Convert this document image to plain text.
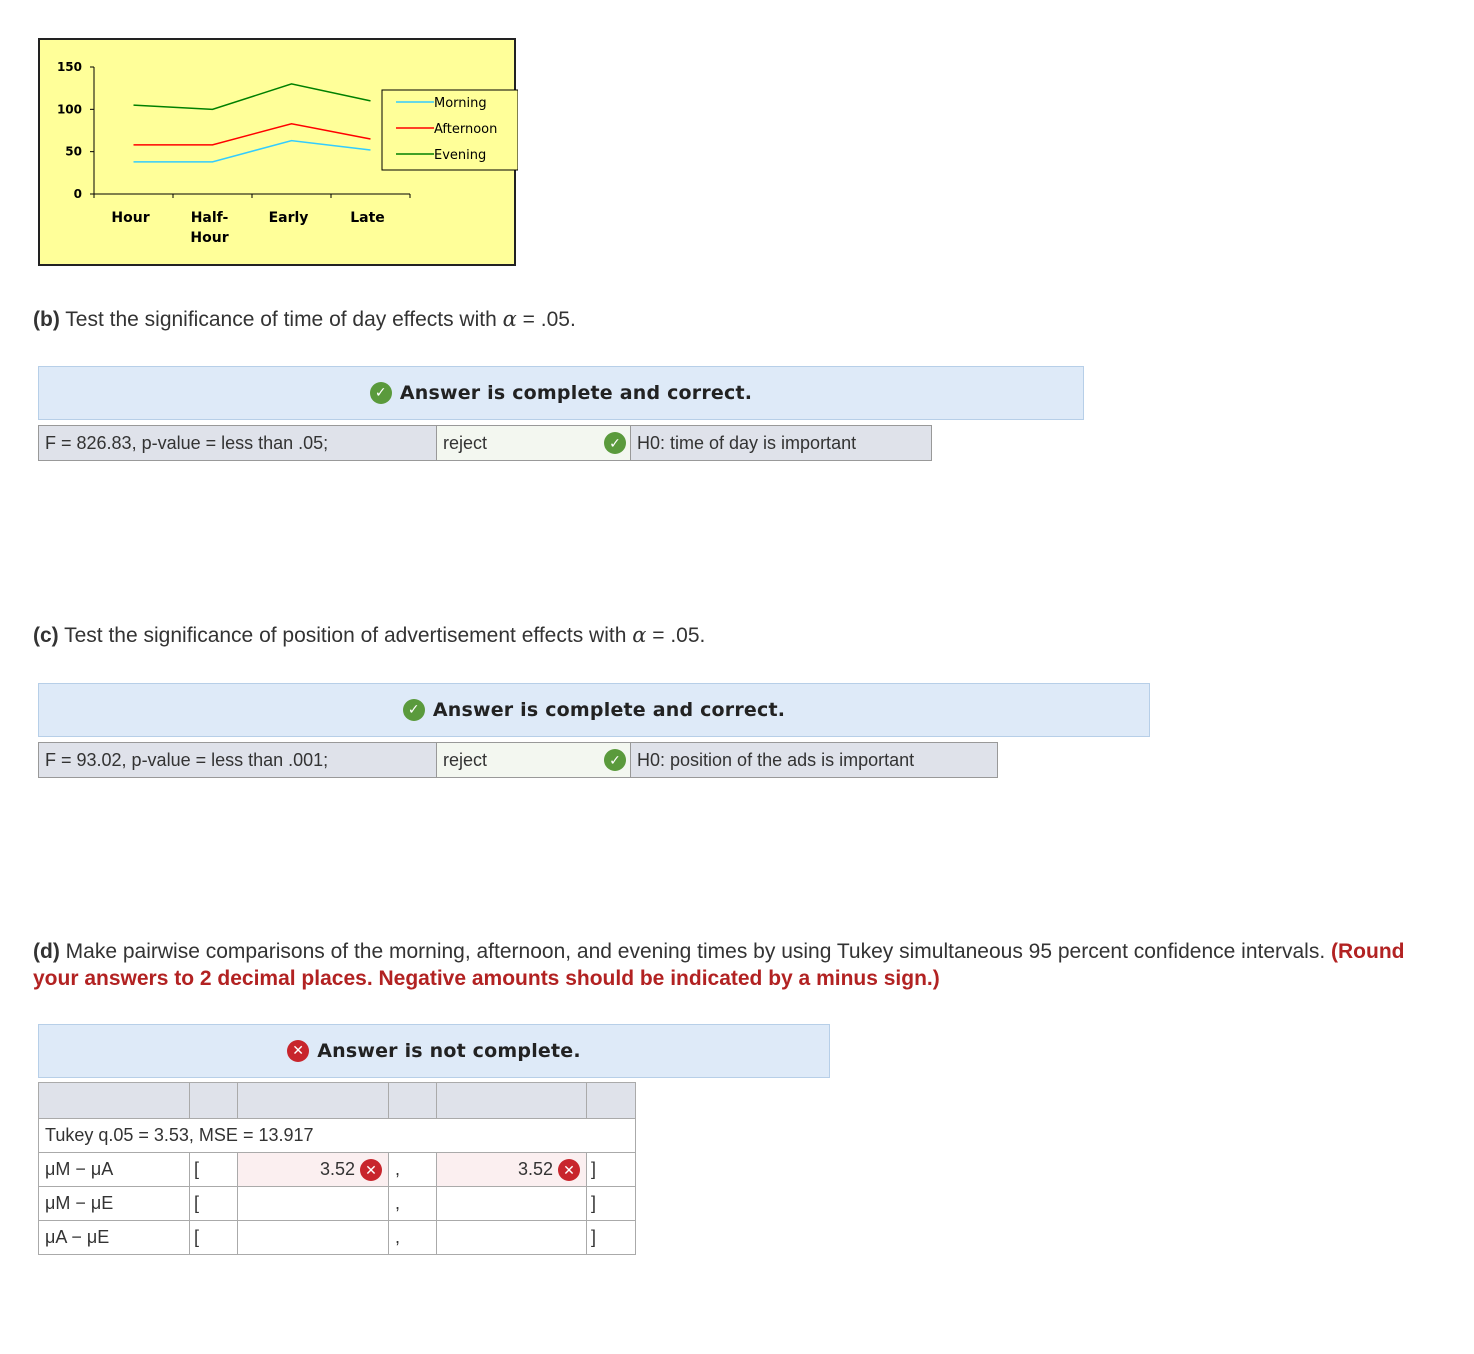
150
100
50
0
Hour	Half-
Hour
Early	Late
Morning
Afternoon
Evening
(b) Test the significance of time of day effects with α = .05.
✓ Answer is complete and correct.
F = 826.83, p-value = less than .05;	reject	✓ H0: time of day is important
(c) Test the significance of position of advertisement effects with α = .05.
✓ Answer is complete and correct.
F = 93.02, p-value = less than .001;	reject	✓ H0: position of the ads is important
(d) Make pairwise comparisons of the morning, afternoon, and evening times by using Tukey simultaneous 95 percent confidence intervals. (Round your answers to 2 decimal places. Negative amounts should be indicated by a minus sign.)
✕ Answer is not complete.

Tukey q.05 = 3.53, MSE = 13.917					
μM − μA	[	3.52 ✕	,	3.52 ✕	]
μM − μE	[		,		]
μA − μE	[		,		]
